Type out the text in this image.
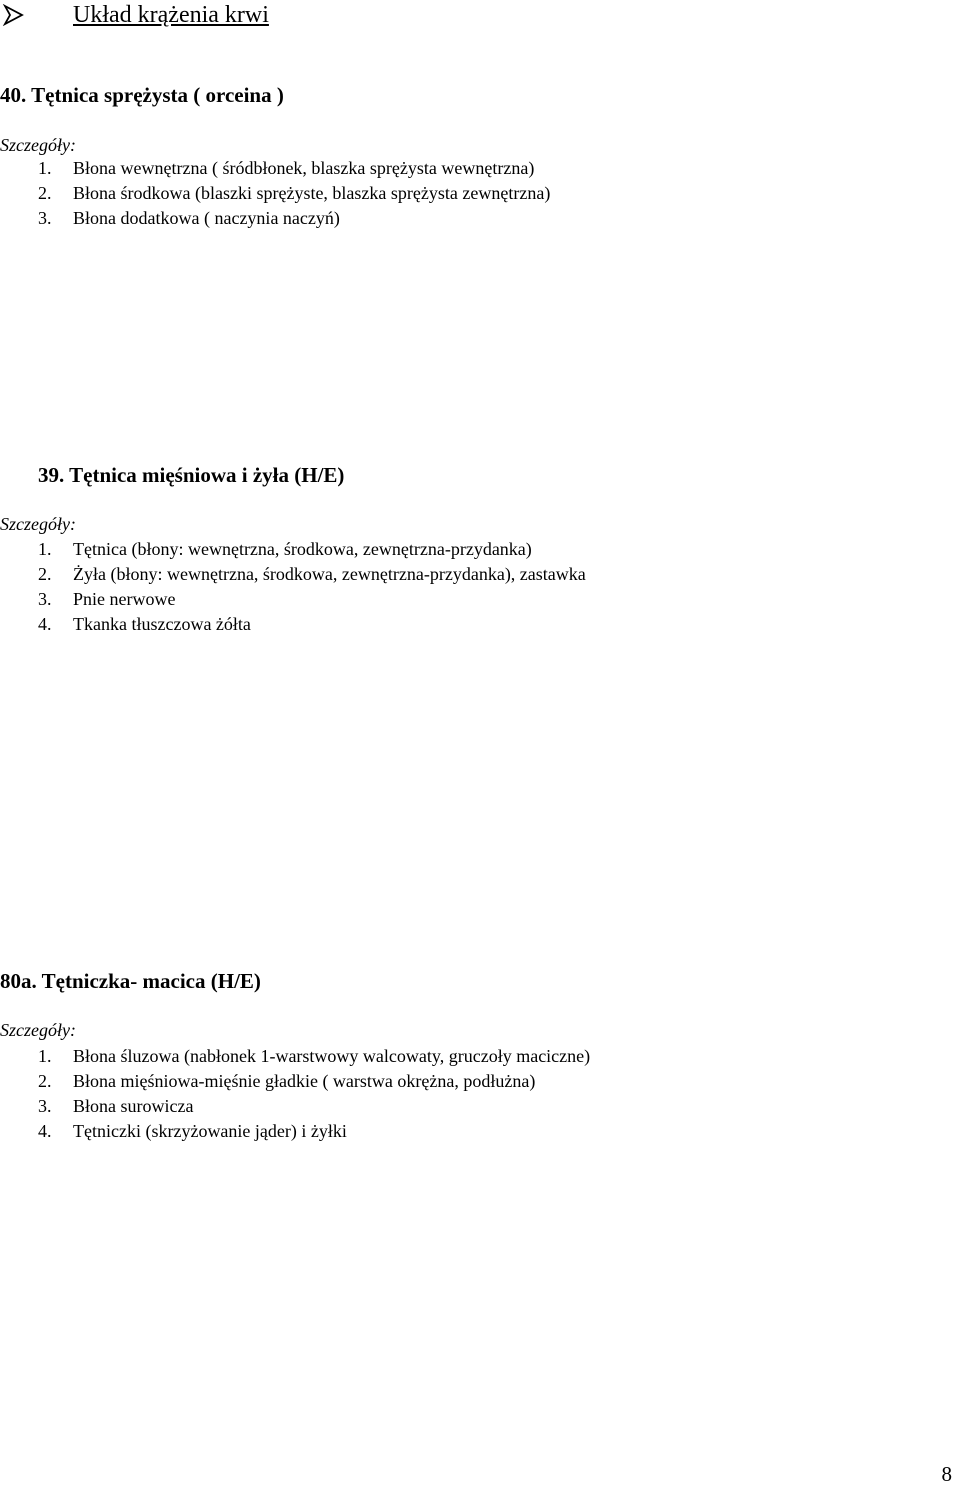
Układ krążenia krwi
40. Tętnica sprężysta ( orceina )
Szczegóły:
1.	Błona wewnętrzna ( śródbłonek, blaszka sprężysta wewnętrzna)
2.	Błona środkowa (blaszki sprężyste, blaszka sprężysta zewnętrzna)
3.	Błona dodatkowa ( naczynia naczyń)
39. Tętnica mięśniowa i żyła (H/E)
Szczegóły:
1.	Tętnica (błony: wewnętrzna, środkowa, zewnętrzna-przydanka)
2.	Żyła (błony: wewnętrzna, środkowa, zewnętrzna-przydanka), zastawka
3.	Pnie nerwowe
4.	Tkanka tłuszczowa żółta
80a. Tętniczka- macica (H/E)
Szczegóły:
1.	Błona śluzowa (nabłonek 1-warstwowy walcowaty, gruczoły maciczne)
2.	Błona mięśniowa-mięśnie gładkie ( warstwa okrężna, podłużna)
3.	Błona surowicza
4.	Tętniczki (skrzyżowanie jąder) i żyłki
8
